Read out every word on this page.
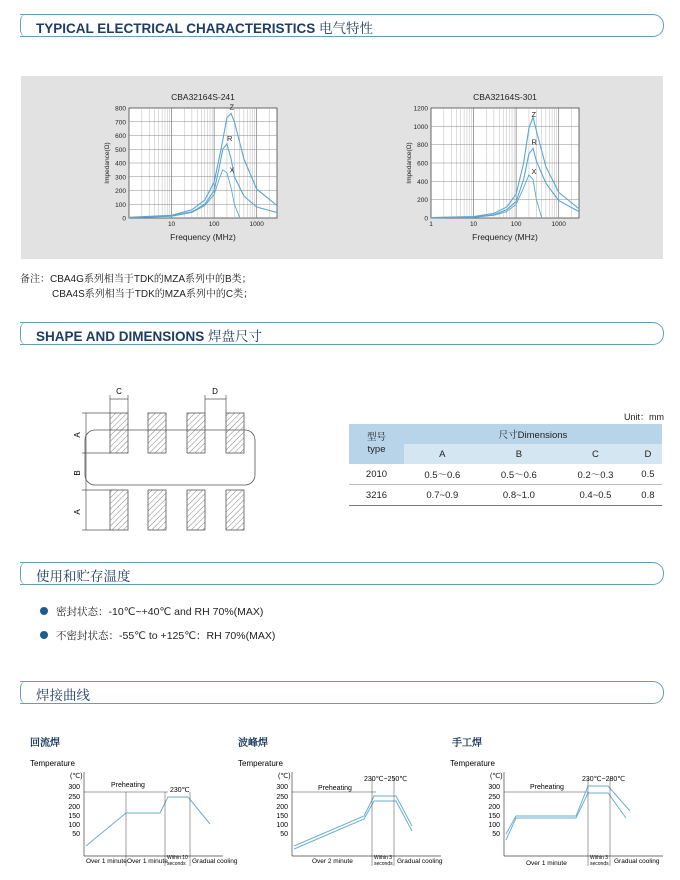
TYPICAL ELECTRICAL CHARACTERISTICS 电气特性
800
700
600
500
400
300
200
100
0
10	100	1000
CBA32164S-241
Frequency (MHz)
Impedance(Ω)
Z
R
X
1200
1000
800
600
400
200
0
1	10	100	1000
CBA32164S-301
Frequency (MHz)
Impedance(Ω)
Z
R
X
备注：CBA4G系列相当于TDK的MZA系列中的B类；
CBA4S系列相当于TDK的MZA系列中的C类；
SHAPE AND DIMENSIONS 焊盘尺寸
C	D
A
B
A
Unit：mm
型号
type	尺寸Dimensions			
	A	B	C	D
2010	0.5～0.6	0.5～0.6	0.2～0.3	0.5
3216	0.7~0.9	0.8~1.0	0.4~0.5	0.8
使用和贮存温度
密封状态：-10℃~+40℃ and RH 70%(MAX)
不密封状态：-55℃ to +125℃：RH 70%(MAX)
焊接曲线
回流焊	波峰焊	手工焊
Temperature
(℃)
300
250
200
150
100
50
Preheating
230℃
Over 1 minute Over 1 minute Within 10
seconds Gradual cooling
Temperature
(℃)
300
250
200
150
100
50
Preheating
230℃~250℃
Over 2 minute	Within 3
seconds Gradual cooling
Temperature
(℃)
300
250
200
150
100
50
Preheating
230℃~280℃
Over 1 minute
Within 3
seconds Gradual cooling
